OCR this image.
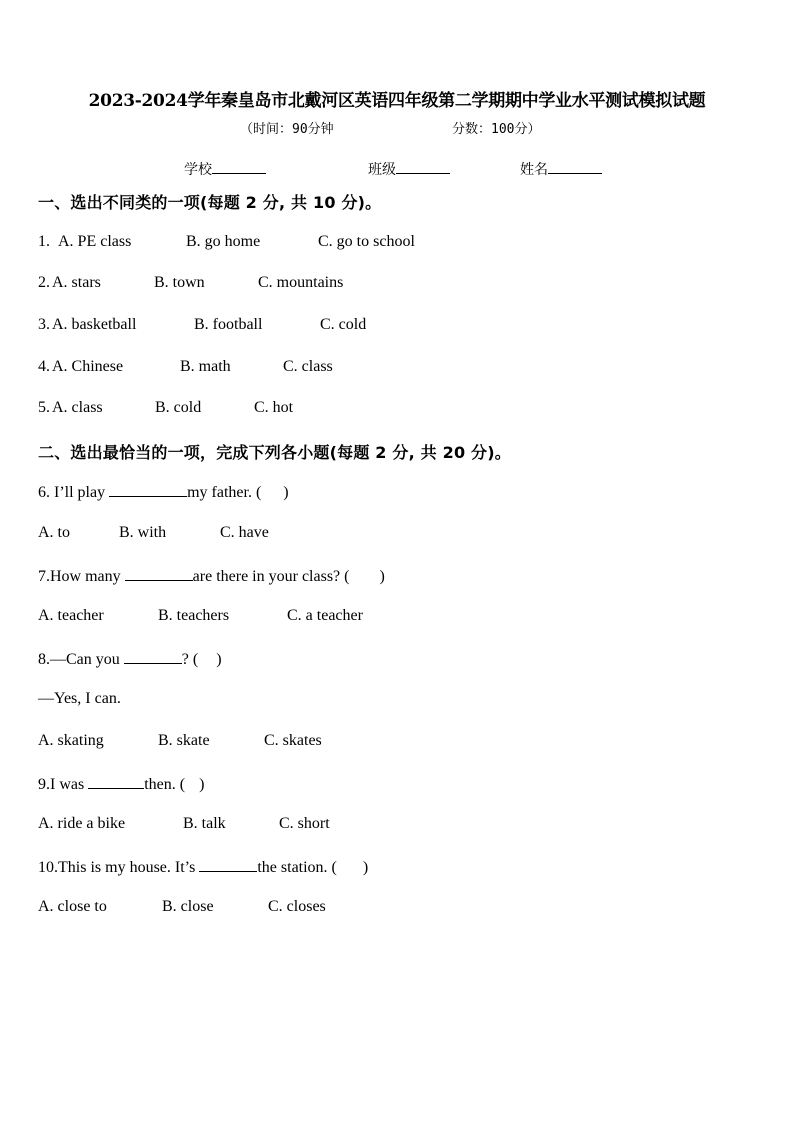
2023-2024学年秦皇岛市北戴河区英语四年级第二学期期中学业水平测试模拟试题
（时间：90分钟	分数：100分）
学校	班级	姓名
一、选出不同类的一项(每题 2 分, 共 10 分)。
1. A. PE class	B. go home	C. go to school
2. A. stars	B. town	C. mountains
3. A. basketball	B. football	C. cold
4. A. Chinese	B. math	C. class
5. A. class	B. cold	C. hot
二、选出最恰当的一项，完成下列各小题(每题 2 分, 共 20 分)。
6. I’ll play	my father. ( )
A. to	B. with	C. have
7.How many	are there in your class? ( )
A. teacher	B. teachers	C. a teacher
8.—Can you	? ( )
—Yes, I can.
A. skating	B. skate	C. skates
9.I was	then. ( )
A. ride a bike	B. talk	C. short
10.This is my house. It’s	the station. ( )
A. close to	B. close	C. closes
